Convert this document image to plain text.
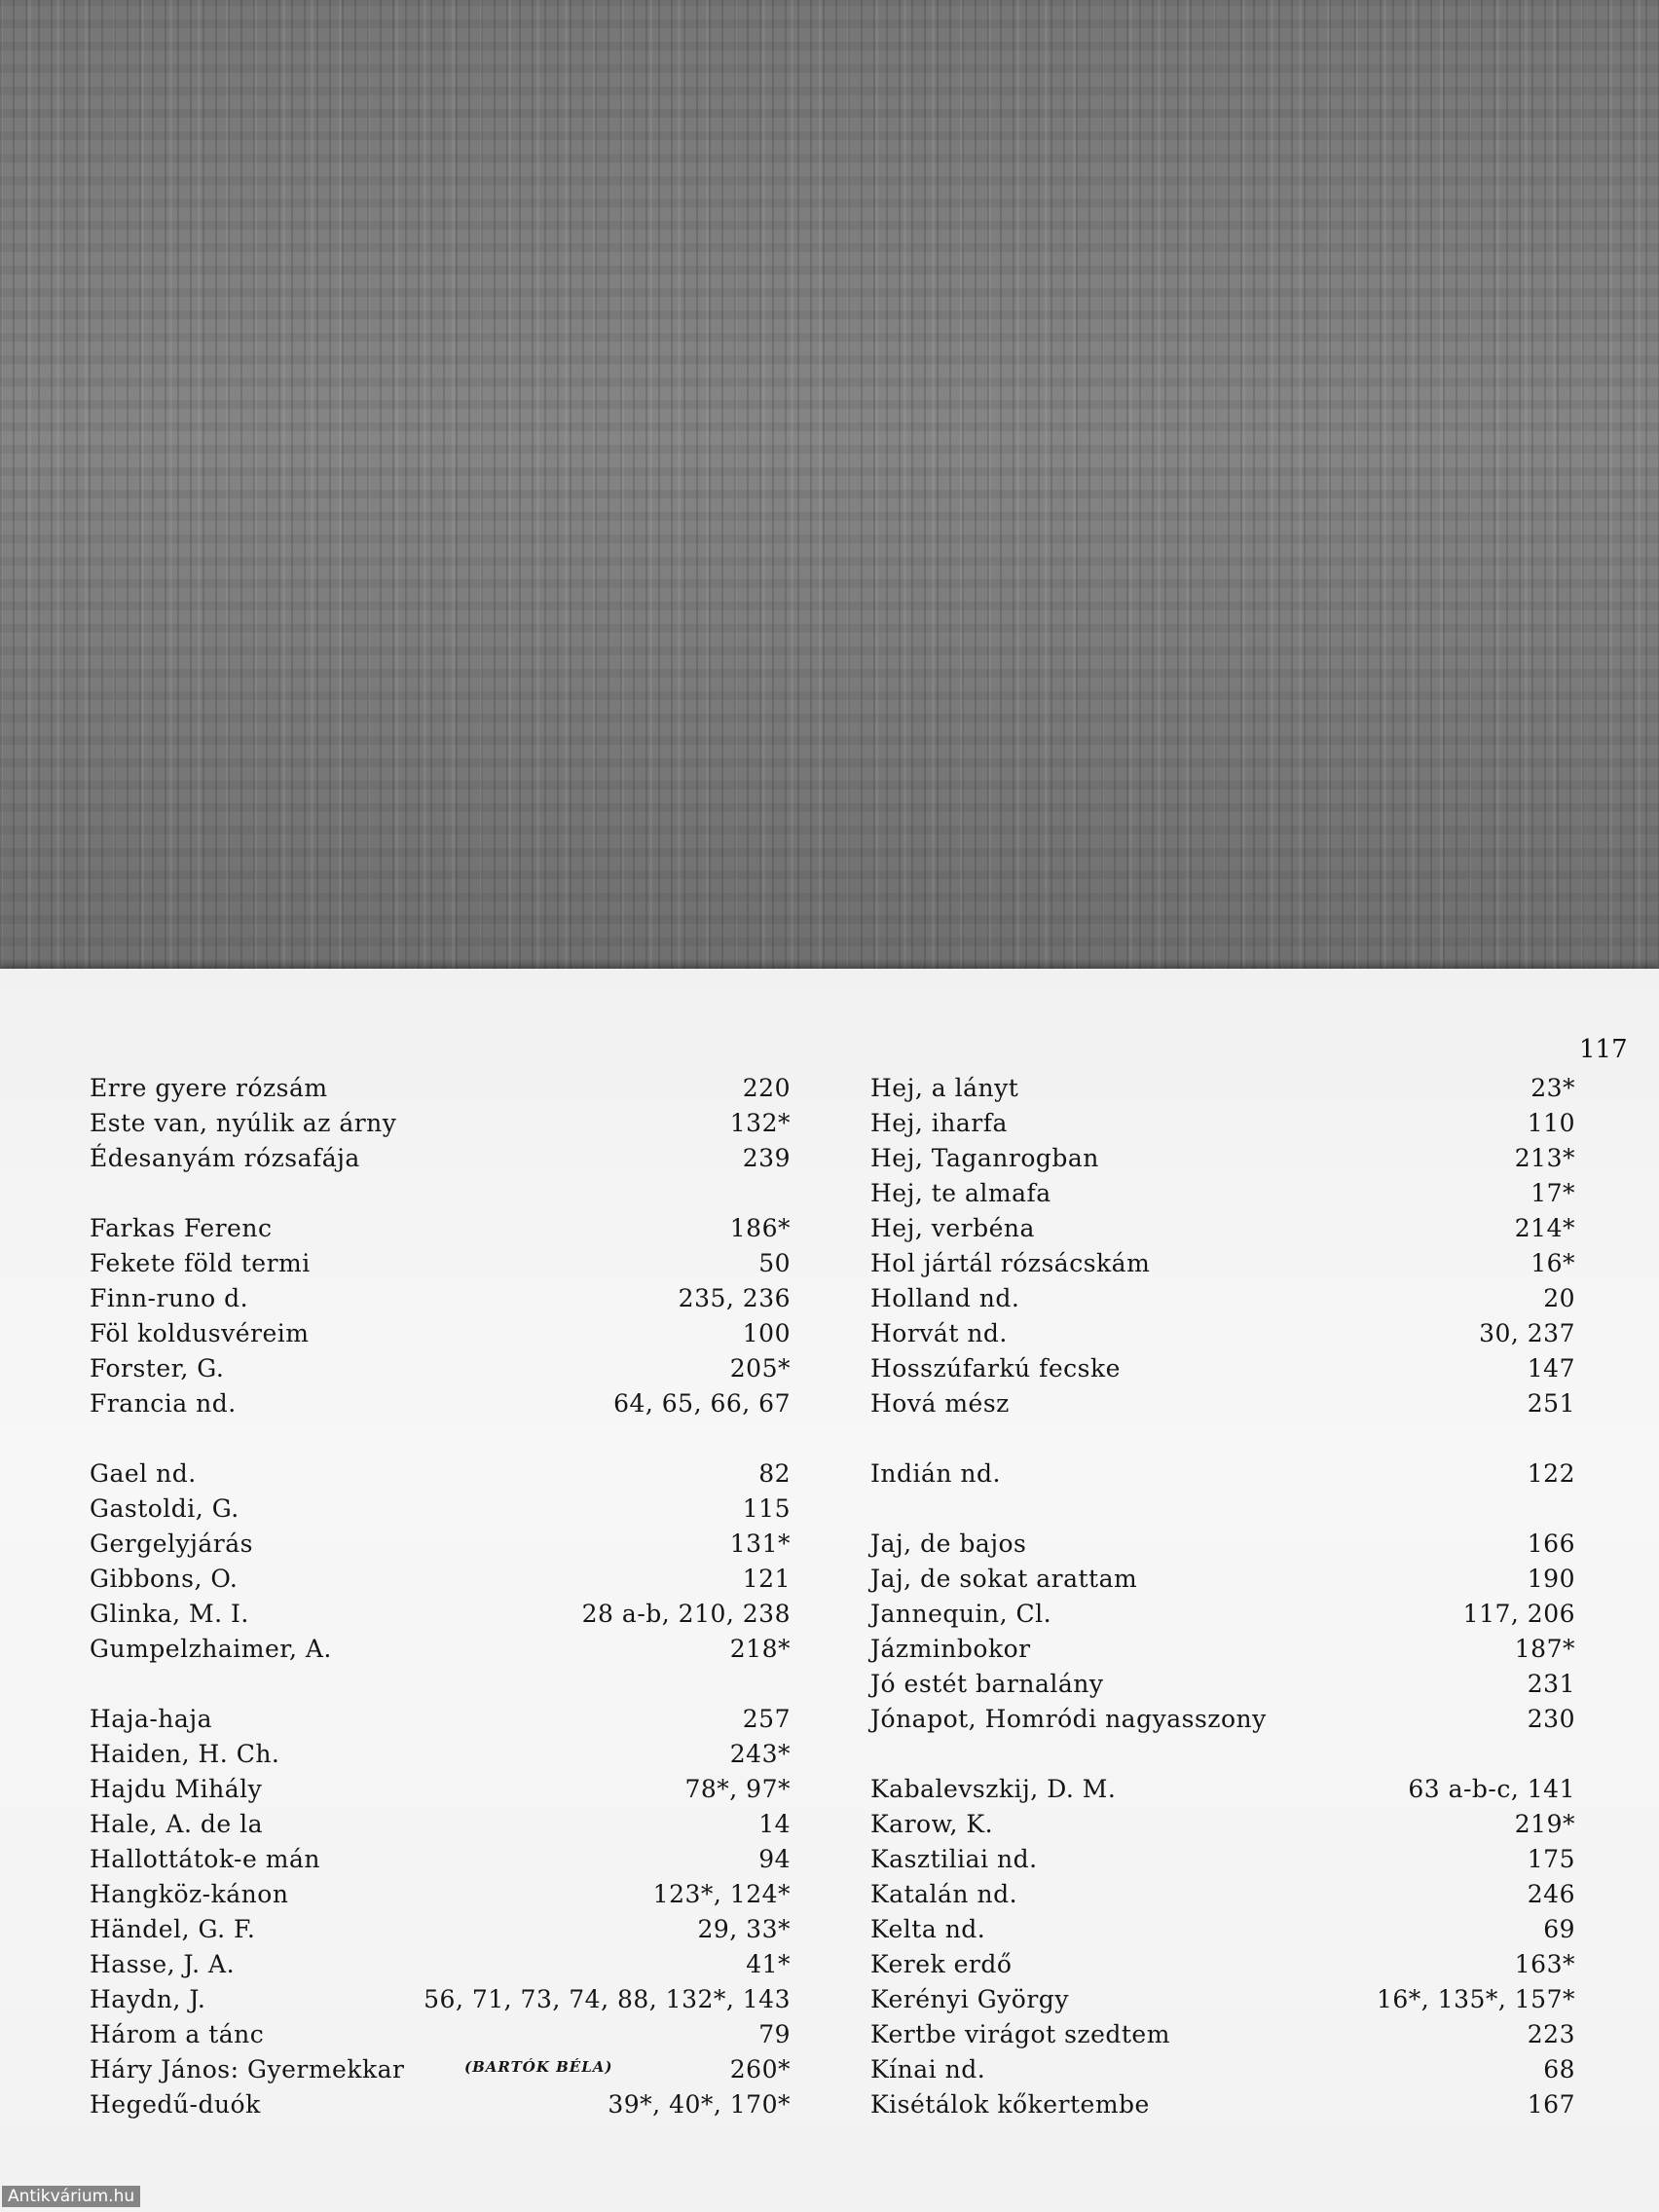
117
Erre gyere rózsám	220
Este van, nyúlik az árny	132*
Édesanyám rózsafája	239
Farkas Ferenc	186*
Fekete föld termi	50
Finn-runo d.	235, 236
Föl koldusvéreim	100
Forster, G.	205*
Francia nd.	64, 65, 66, 67
Gael nd.	82
Gastoldi, G.	115
Gergelyjárás	131*
Gibbons, O.	121
Glinka, M. I.	28 a-b, 210, 238
Gumpelzhaimer, A.	218*
Haja-haja	257
Haiden, H. Ch.	243*
Hajdu Mihály	78*, 97*
Hale, A. de la	14
Hallottátok-e mán	94
Hangköz-kánon	123*, 124*
Händel, G. F.	29, 33*
Hasse, J. A.	41*
Haydn, J.	56, 71, 73, 74, 88, 132*, 143
Három a tánc	79
Háry János: Gyermekkar	(BARTÓK BÉLA)	260*
Hegedű-duók	39*, 40*, 170*
Hej, a lányt	23*
Hej, iharfa	110
Hej, Taganrogban	213*
Hej, te almafa	17*
Hej, verbéna	214*
Hol jártál rózsácskám	16*
Holland nd.	20
Horvát nd.	30, 237
Hosszúfarkú fecske	147
Hová mész	251
Indián nd.	122
Jaj, de bajos	166
Jaj, de sokat arattam	190
Jannequin, Cl.	117, 206
Jázminbokor	187*
Jó estét barnalány	231
Jónapot, Homródi nagyasszony	230
Kabalevszkij, D. M.	63 a-b-c, 141
Karow, K.	219*
Kasztiliai nd.	175
Katalán nd.	246
Kelta nd.	69
Kerek erdő	163*
Kerényi György	16*, 135*, 157*
Kertbe virágot szedtem	223
Kínai nd.	68
Kisétálok kőkertembe	167
Antikvárium.hu
